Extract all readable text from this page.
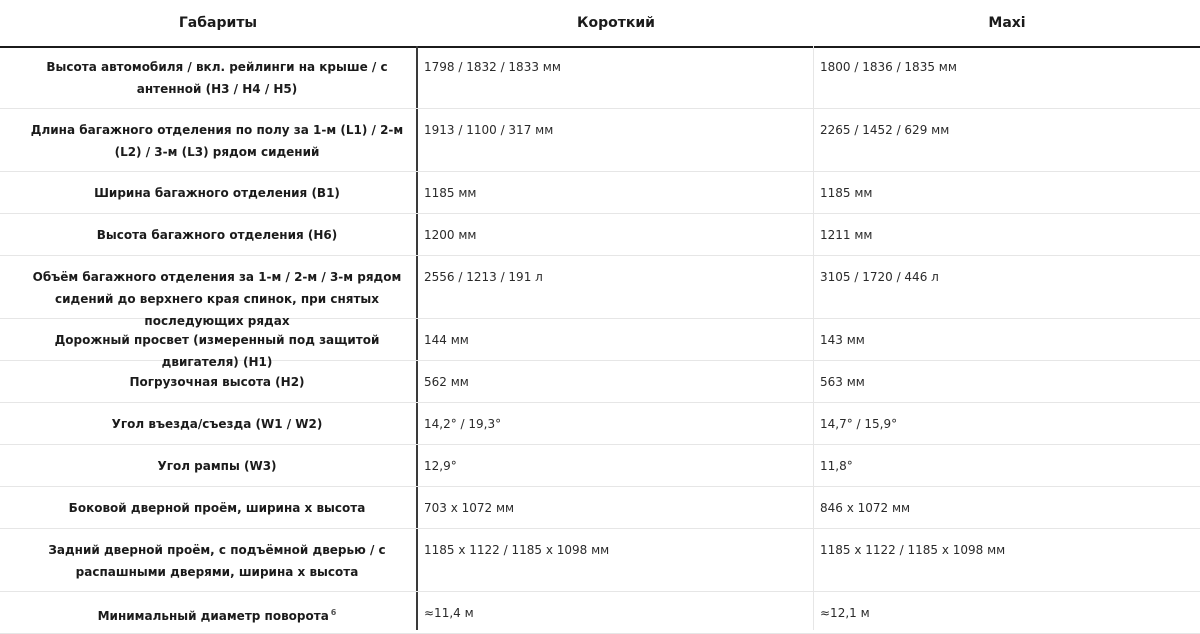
Габариты	Короткий	Maxi
Высота автомобиля / вкл. рейлинги на крыше / с антенной (H3 / H4 / H5)
1798 / 1832 / 1833 мм	1800 / 1836 / 1835 мм
Длина багажного отделения по полу за 1-м (L1) / 2-м (L2) / 3-м (L3) рядом сидений
1913 / 1100 / 317 мм	2265 / 1452 / 629 мм
Ширина багажного отделения (B1)	1185 мм	1185 мм
Высота багажного отделения (H6)	1200 мм	1211 мм
Объём багажного отделения за 1-м / 2-м / 3-м рядом сидений до верхнего края спинок, при снятых последующих рядах
2556 / 1213 / 191 л	3105 / 1720 / 446 л
Дорожный просвет (измеренный под защитой двигателя) (H1)
144 мм	143 мм
Погрузочная высота (H2)	562 мм	563 мм
Угол въезда/съезда (W1 / W2)	14,2° / 19,3°	14,7° / 15,9°
Угол рампы (W3)	12,9°	11,8°
Боковой дверной проём, ширина x высота	703 x 1072 мм	846 x 1072 мм
Задний дверной проём, с подъёмной дверью / с распашными дверями, ширина x высота
1185 x 1122 / 1185 x 1098 мм	1185 x 1122 / 1185 x 1098 мм
Минимальный диаметр поворота $^6$	≈11,4 м	≈12,1 м
